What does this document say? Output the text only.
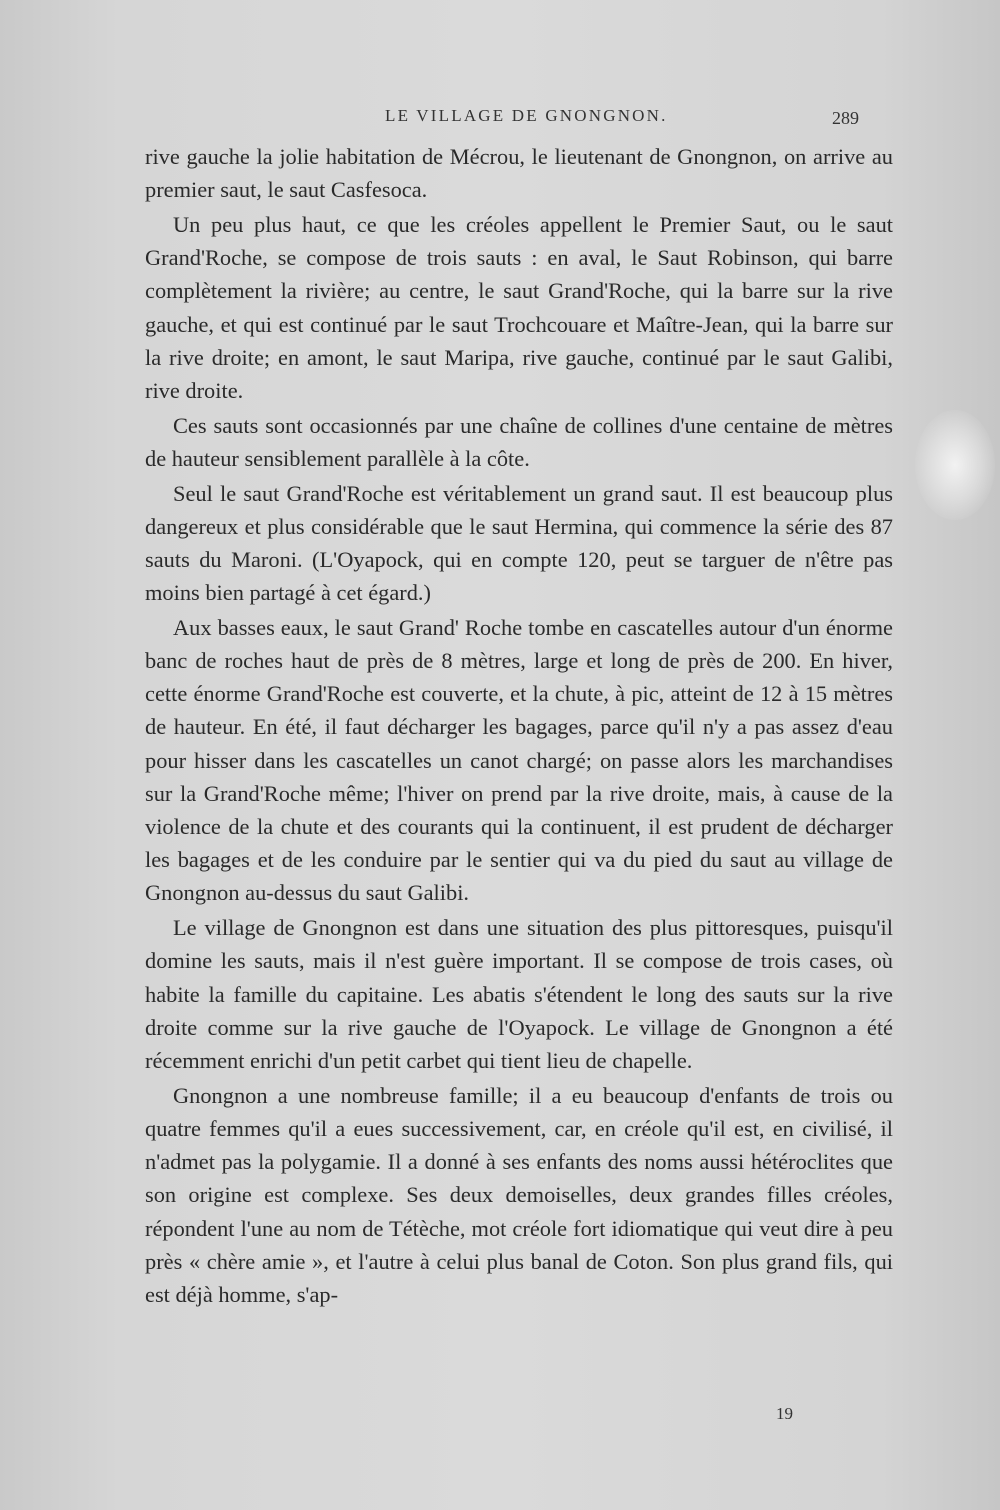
LE VILLAGE DE GNONGNON.	289

rive gauche la jolie habitation de Mécrou, le lieutenant de Gnongnon, on arrive au premier saut, le saut Casfesoca.

Un peu plus haut, ce que les créoles appellent le Premier Saut, ou le saut Grand'Roche, se compose de trois sauts : en aval, le Saut Robinson, qui barre complètement la rivière; au centre, le saut Grand'Roche, qui la barre sur la rive gauche, et qui est continué par le saut Trochcouare et Maître-Jean, qui la barre sur la rive droite; en amont, le saut Maripa, rive gauche, continué par le saut Galibi, rive droite.

Ces sauts sont occasionnés par une chaîne de collines d'une centaine de mètres de hauteur sensiblement parallèle à la côte.

Seul le saut Grand'Roche est véritablement un grand saut. Il est beaucoup plus dangereux et plus considérable que le saut Hermina, qui commence la série des 87 sauts du Maroni. (L'Oyapock, qui en compte 120, peut se targuer de n'être pas moins bien partagé à cet égard.)

Aux basses eaux, le saut Grand' Roche tombe en cascatelles autour d'un énorme banc de roches haut de près de 8 mètres, large et long de près de 200. En hiver, cette énorme Grand'Roche est couverte, et la chute, à pic, atteint de 12 à 15 mètres de hauteur. En été, il faut décharger les bagages, parce qu'il n'y a pas assez d'eau pour hisser dans les cascatelles un canot chargé; on passe alors les marchandises sur la Grand'Roche même; l'hiver on prend par la rive droite, mais, à cause de la violence de la chute et des courants qui la continuent, il est prudent de décharger les bagages et de les conduire par le sentier qui va du pied du saut au village de Gnongnon au-dessus du saut Galibi.

Le village de Gnongnon est dans une situation des plus pittoresques, puisqu'il domine les sauts, mais il n'est guère important. Il se compose de trois cases, où habite la famille du capitaine. Les abatis s'étendent le long des sauts sur la rive droite comme sur la rive gauche de l'Oyapock. Le village de Gnongnon a été récemment enrichi d'un petit carbet qui tient lieu de chapelle.

Gnongnon a une nombreuse famille; il a eu beaucoup d'enfants de trois ou quatre femmes qu'il a eues successivement, car, en créole qu'il est, en civilisé, il n'admet pas la polygamie. Il a donné à ses enfants des noms aussi hétéroclites que son origine est complexe. Ses deux demoiselles, deux grandes filles créoles, répondent l'une au nom de Tétèche, mot créole fort idiomatique qui veut dire à peu près « chère amie », et l'autre à celui plus banal de Coton. Son plus grand fils, qui est déjà homme, s'ap-

19
